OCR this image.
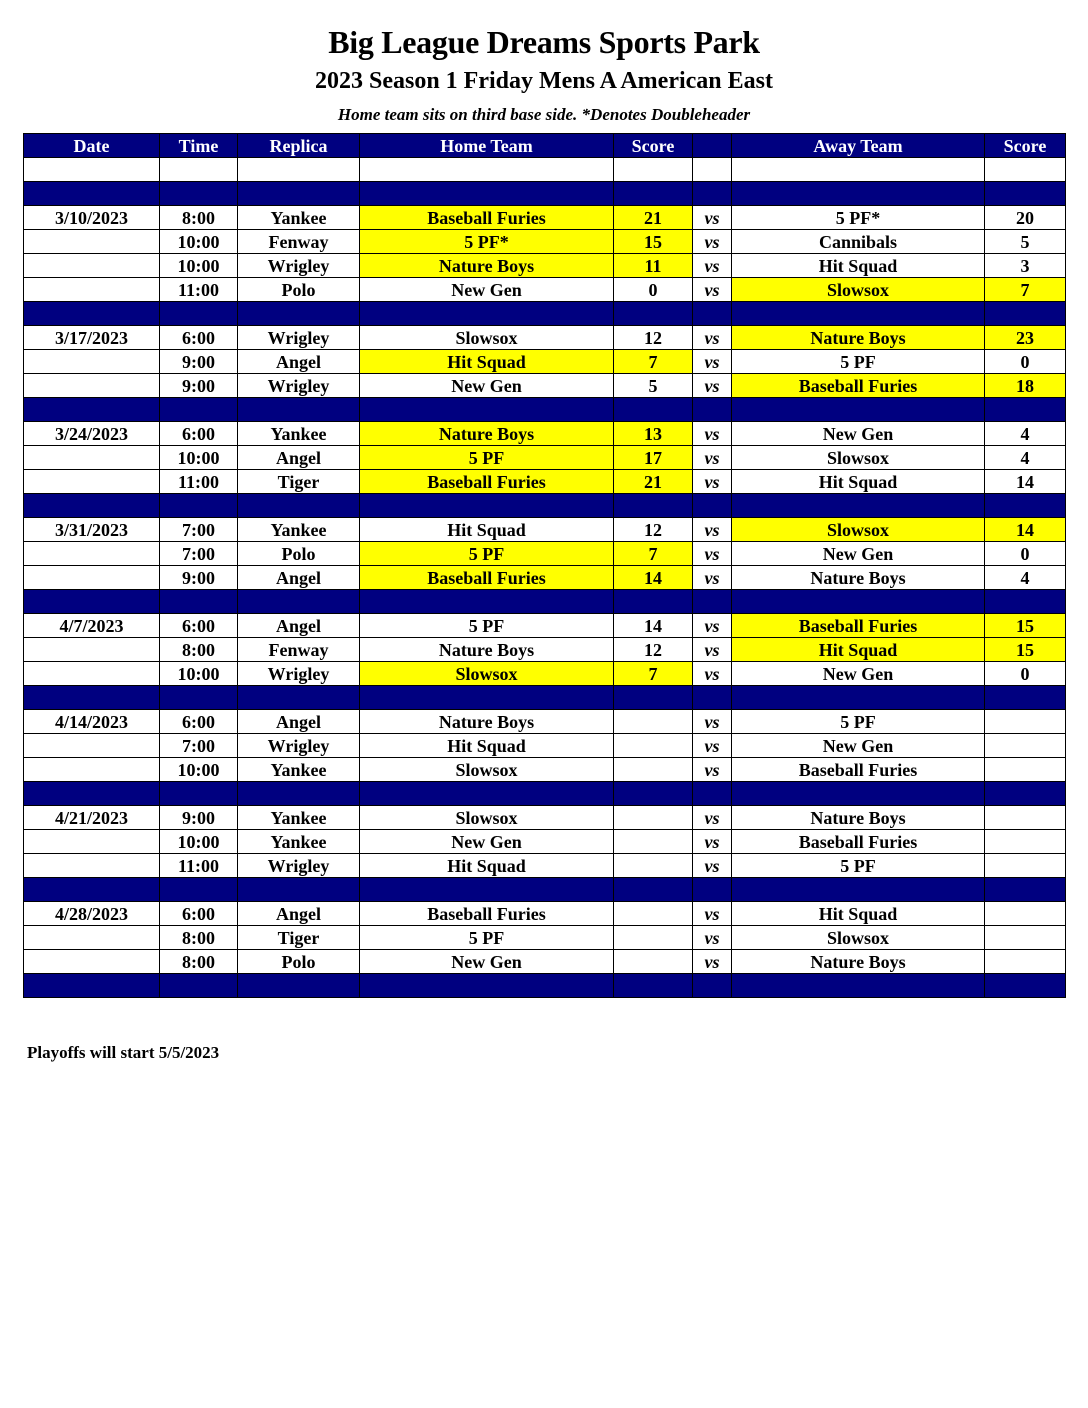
Big League Dreams Sports Park
2023 Season 1 Friday Mens A American East
Home team sits on third base side. *Denotes Doubleheader
Date	Time	Replica	Home Team	Score		Away Team	Score

3/10/2023	8:00	Yankee	Baseball Furies	21	vs	5 PF*	20
	10:00	Fenway	5 PF*	15	vs	Cannibals	5
	10:00	Wrigley	Nature Boys	11	vs	Hit Squad	3
	11:00	Polo	New Gen	0	vs	Slowsox	7

3/17/2023	6:00	Wrigley	Slowsox	12	vs	Nature Boys	23
	9:00	Angel	Hit Squad	7	vs	5 PF	0
	9:00	Wrigley	New Gen	5	vs	Baseball Furies	18

3/24/2023	6:00	Yankee	Nature Boys	13	vs	New Gen	4
	10:00	Angel	5 PF	17	vs	Slowsox	4
	11:00	Tiger	Baseball Furies	21	vs	Hit Squad	14

3/31/2023	7:00	Yankee	Hit Squad	12	vs	Slowsox	14
	7:00	Polo	5 PF	7	vs	New Gen	0
	9:00	Angel	Baseball Furies	14	vs	Nature Boys	4

4/7/2023	6:00	Angel	5 PF	14	vs	Baseball Furies	15
	8:00	Fenway	Nature Boys	12	vs	Hit Squad	15
	10:00	Wrigley	Slowsox	7	vs	New Gen	0

4/14/2023	6:00	Angel	Nature Boys		vs	5 PF	
	7:00	Wrigley	Hit Squad		vs	New Gen	
	10:00	Yankee	Slowsox		vs	Baseball Furies	

4/21/2023	9:00	Yankee	Slowsox		vs	Nature Boys	
	10:00	Yankee	New Gen		vs	Baseball Furies	
	11:00	Wrigley	Hit Squad		vs	5 PF	

4/28/2023	6:00	Angel	Baseball Furies		vs	Hit Squad	
	8:00	Tiger	5 PF		vs	Slowsox	
	8:00	Polo	New Gen		vs	Nature Boys	

Playoffs will start 5/5/2023
